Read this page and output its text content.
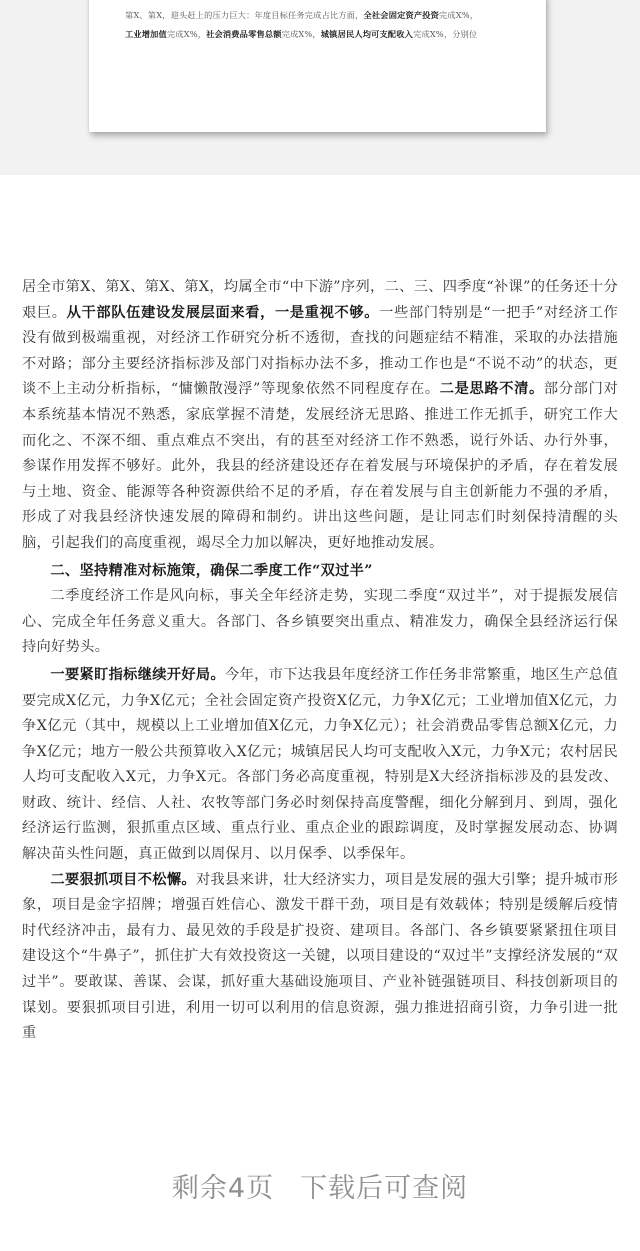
第X、第X，迎头赶上的压力巨大：年度目标任务完成占比方面，全社会固定资产投资完成X%，
工业增加值完成X%，社会消费品零售总额完成X%，城镇居民人均可支配收入完成X%，分别位

居全市第X、第X、第X、第X，均属全市“中下游”序列，二、三、四季度“补课”的任务还十分艰巨。从干部队伍建设发展层面来看，一是重视不够。一些部门特别是“一把手”对经济工作没有做到极端重视，对经济工作研究分析不透彻，查找的问题症结不精准，采取的办法措施不对路；部分主要经济指标涉及部门对指标办法不多，推动工作也是“不说不动”的状态，更谈不上主动分析指标，“慵懒散漫浮”等现象依然不同程度存在。二是思路不清。部分部门对本系统基本情况不熟悉，家底掌握不清楚，发展经济无思路、推进工作无抓手，研究工作大而化之、不深不细、重点难点不突出，有的甚至对经济工作不熟悉，说行外话、办行外事，参谋作用发挥不够好。此外，我县的经济建设还存在着发展与环境保护的矛盾，存在着发展与土地、资金、能源等各种资源供给不足的矛盾，存在着发展与自主创新能力不强的矛盾，形成了对我县经济快速发展的障碍和制约。讲出这些问题，是让同志们时刻保持清醒的头脑，引起我们的高度重视，竭尽全力加以解决，更好地推动发展。

二、坚持精准对标施策，确保二季度工作“双过半”

二季度经济工作是风向标，事关全年经济走势，实现二季度“双过半”，对于提振发展信心、完成全年任务意义重大。各部门、各乡镇要突出重点、精准发力，确保全县经济运行保持向好势头。

一要紧盯指标继续开好局。今年，市下达我县年度经济工作任务非常繁重，地区生产总值要完成X亿元，力争X亿元；全社会固定资产投资X亿元，力争X亿元；工业增加值X亿元，力争X亿元（其中，规模以上工业增加值X亿元，力争X亿元）；社会消费品零售总额X亿元，力争X亿元；地方一般公共预算收入X亿元；城镇居民人均可支配收入X元，力争X元；农村居民人均可支配收入X元，力争X元。各部门务必高度重视，特别是X大经济指标涉及的县发改、财政、统计、经信、人社、农牧等部门务必时刻保持高度警醒，细化分解到月、到周，强化经济运行监测，狠抓重点区域、重点行业、重点企业的跟踪调度，及时掌握发展动态、协调解决苗头性问题，真正做到以周保月、以月保季、以季保年。

二要狠抓项目不松懈。对我县来讲，壮大经济实力，项目是发展的强大引擎；提升城市形象，项目是金字招牌；增强百姓信心、激发干群干劲，项目是有效载体；特别是缓解后疫情时代经济冲击，最有力、最见效的手段是扩投资、建项目。各部门、各乡镇要紧紧扭住项目建设这个“牛鼻子”，抓住扩大有效投资这一关键，以项目建设的“双过半”支撑经济发展的“双过半”。要敢谋、善谋、会谋，抓好重大基础设施项目、产业补链强链项目、科技创新项目的谋划。要狠抓项目引进，利用一切可以利用的信息资源，强力推进招商引资，力争引进一批重

剩余4页 下载后可查阅
